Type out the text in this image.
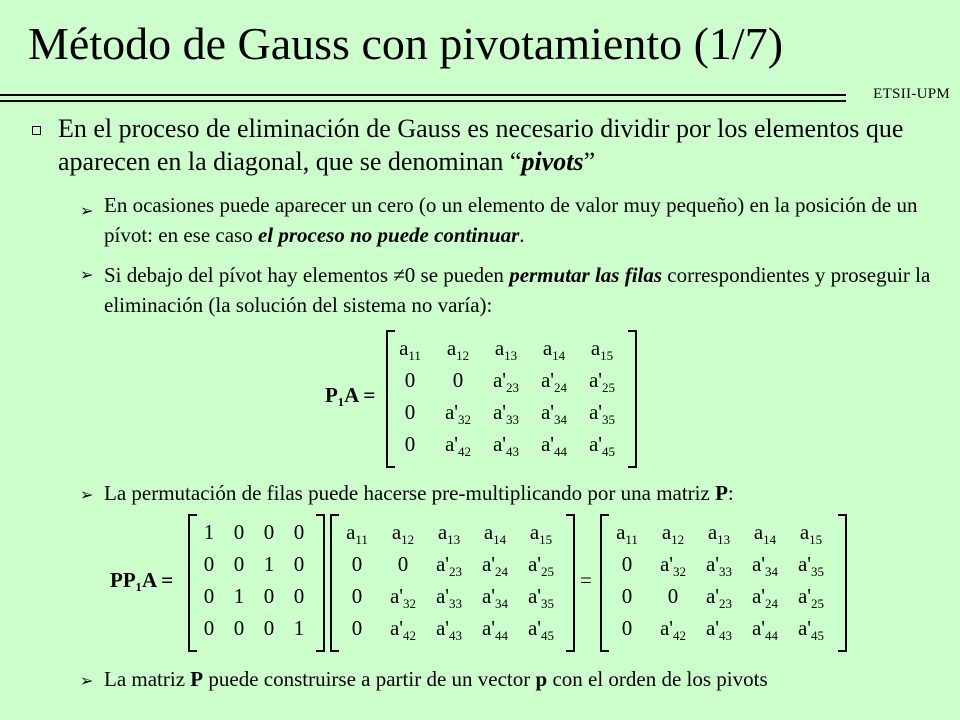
Método de Gauss con pivotamiento (1/7)
ETSII-UPM
En el proceso de eliminación de Gauss es necesario dividir por los elementos que aparecen en la diagonal, que se denominan “pivots”
➢ En ocasiones puede aparecer un cero (o un elemento de valor muy pequeño) en la posición de un pívot: en ese caso el proceso no puede continuar.
➢ Si debajo del pívot hay elementos ≠0 se pueden permutar las filas correspondientes y proseguir la eliminación (la solución del sistema no varía):
P₁A =
$a_{11}$	$a_{12}$	$a_{13}$	$a_{14}$	$a_{15}$
0	0	$a'_{23}$	$a'_{24}$	$a'_{25}$
0	$a'_{32}$	$a'_{33}$	$a'_{34}$	$a'_{35}$
0	$a'_{42}$	$a'_{43}$	$a'_{44}$	$a'_{45}$
➢ La permutación de filas puede hacerse pre-multiplicando por una matriz P:
PP₁A =	=
1 0 0 0
0 0 1 0
0 1 0 0
0 0 0 1
$a_{11}$	$a_{12}$	$a_{13}$	$a_{14}$	$a_{15}$
0	0	$a'_{23}$ $a'_{24}$ $a'_{25}$
0	$a'_{32}$ $a'_{33}$ $a'_{34}$ $a'_{35}$
0	$a'_{42}$ $a'_{43}$ $a'_{44}$ $a'_{45}$
$a_{11}$	$a_{12}$	$a_{13}$	$a_{14}$	$a_{15}$
0	$a'_{32}$ $a'_{33}$ $a'_{34}$ $a'_{35}$
0	0	$a'_{23}$ $a'_{24}$ $a'_{25}$
0	$a'_{42}$ $a'_{43}$ $a'_{44}$ $a'_{45}$
➢ La matriz P puede construirse a partir de un vector p con el orden de los pivots
